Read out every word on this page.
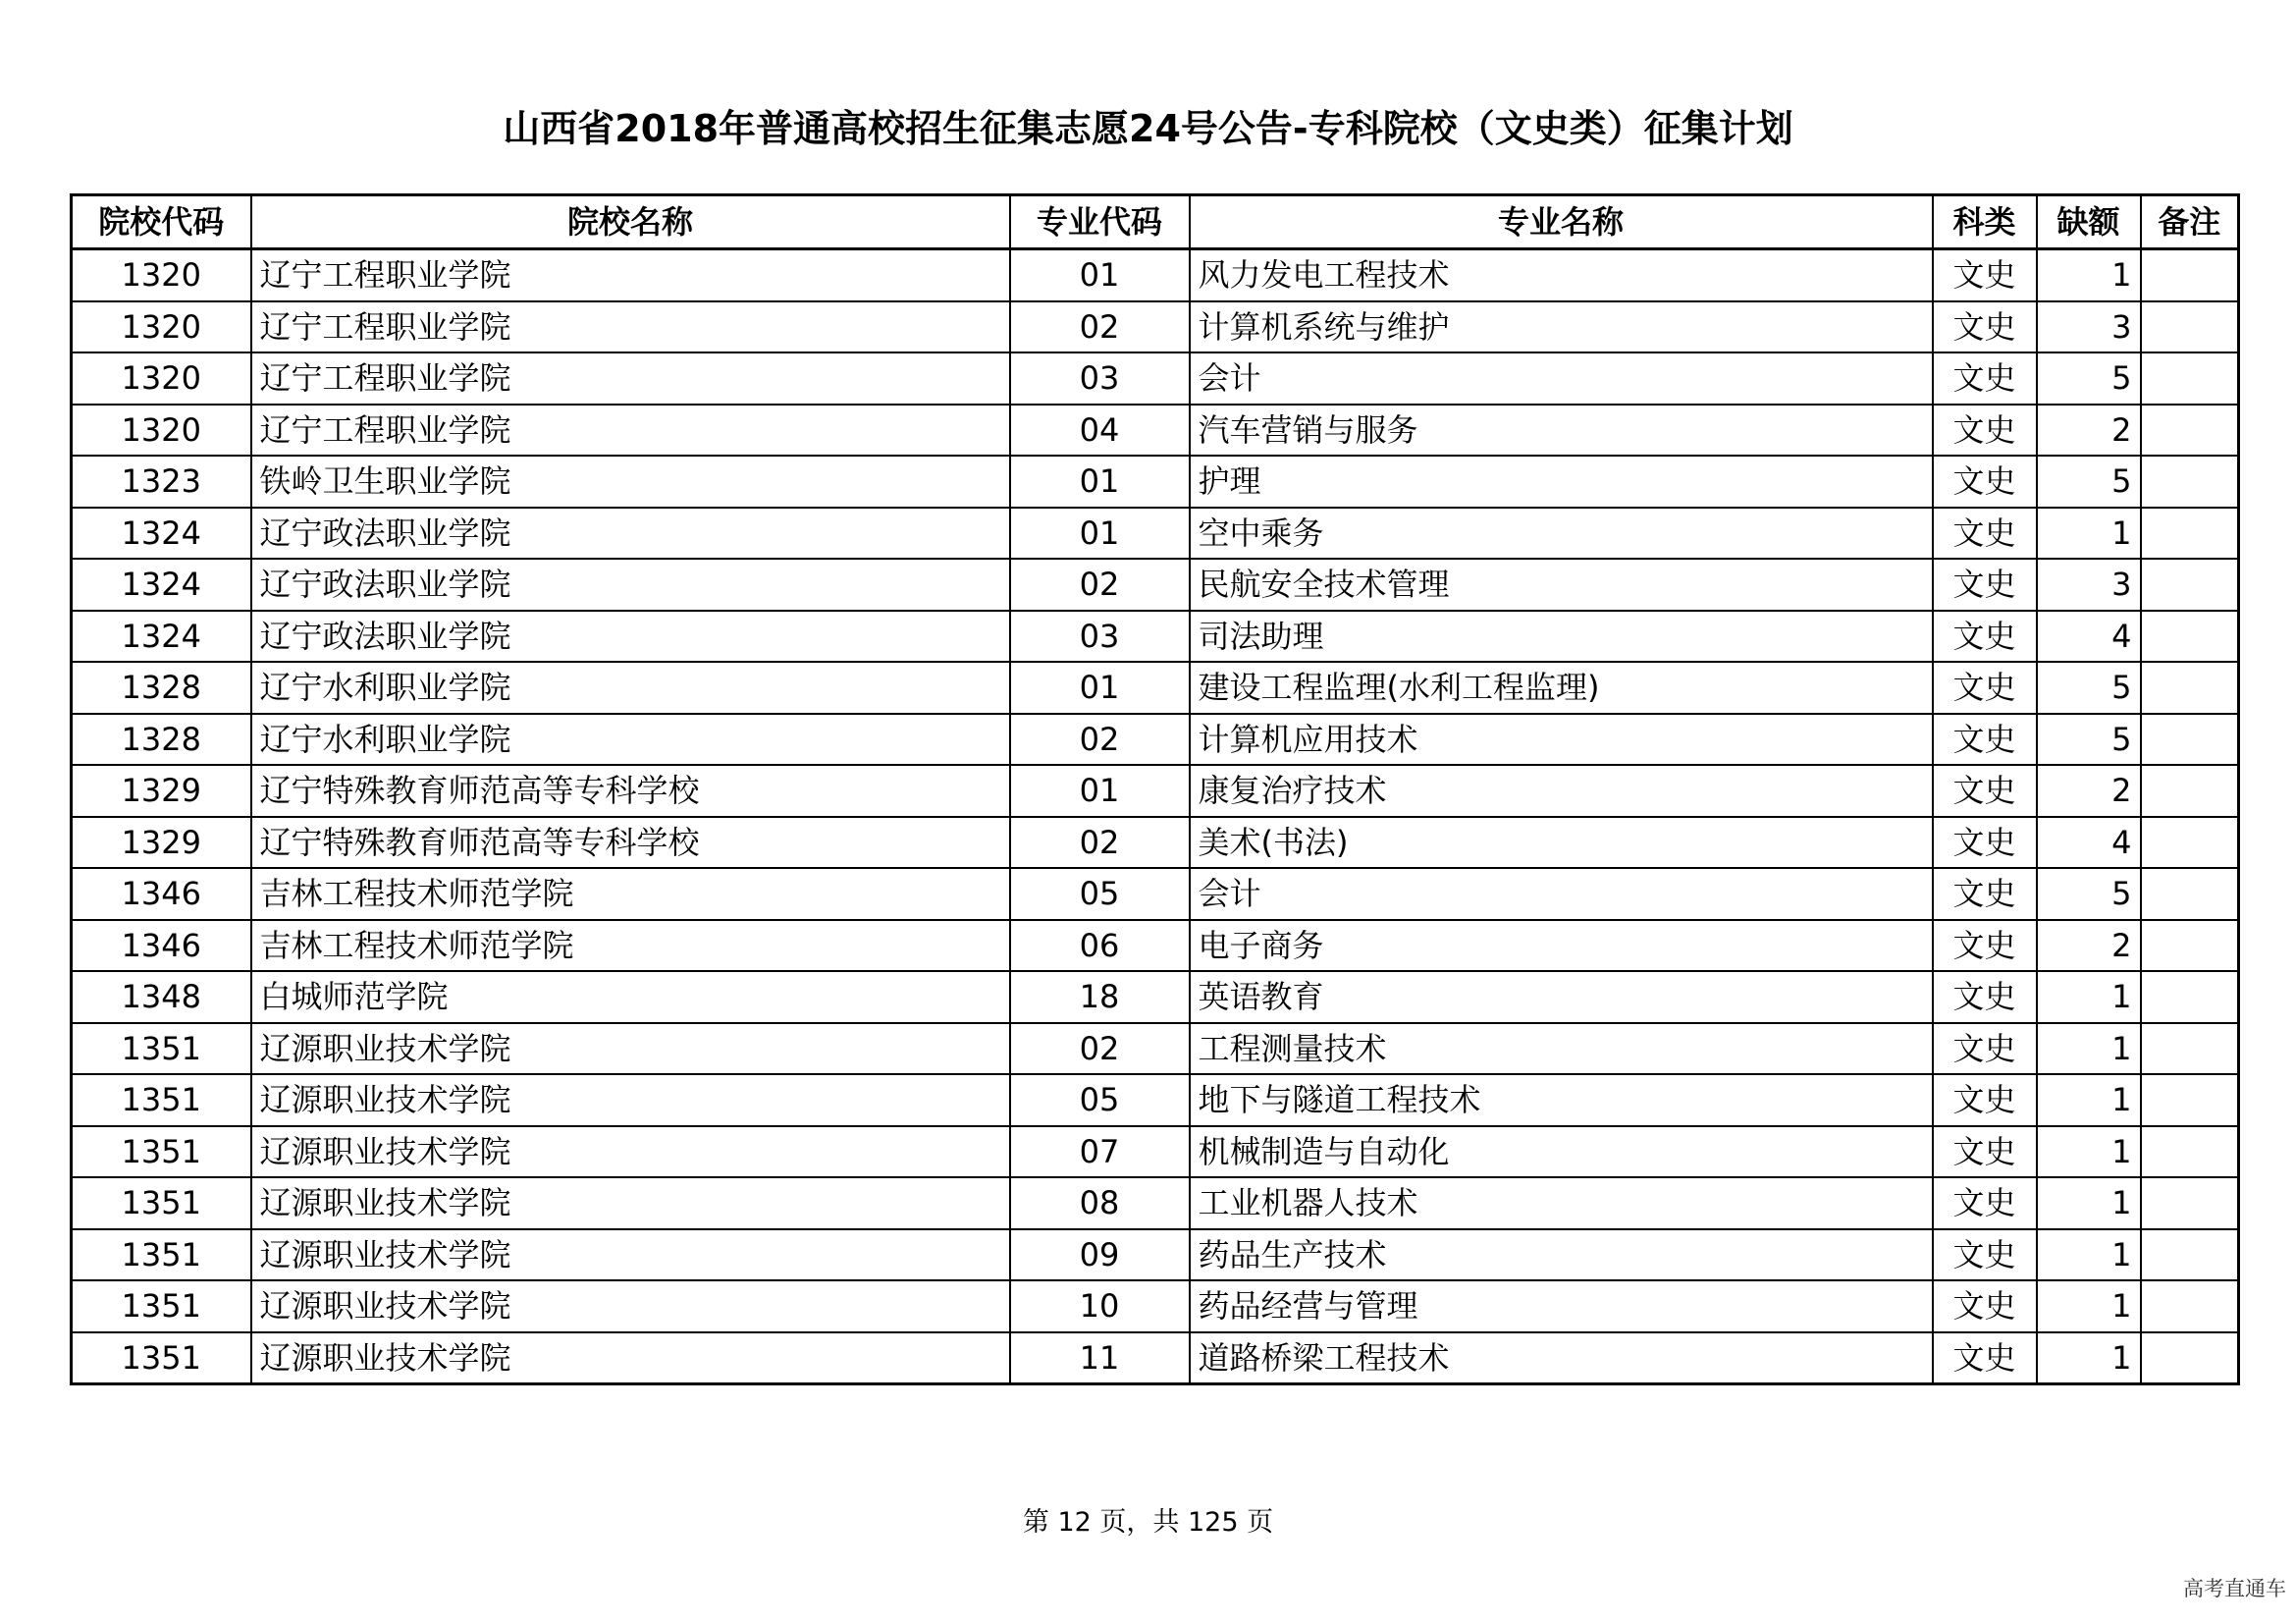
山西省2018年普通高校招生征集志愿24号公告-专科院校（文史类）征集计划
院校代码	院校名称	专业代码	专业名称	科类	缺额	备注
1320	辽宁工程职业学院	01	风力发电工程技术	文史	1	
1320	辽宁工程职业学院	02	计算机系统与维护	文史	3	
1320	辽宁工程职业学院	03	会计	文史	5	
1320	辽宁工程职业学院	04	汽车营销与服务	文史	2	
1323	铁岭卫生职业学院	01	护理	文史	5	
1324	辽宁政法职业学院	01	空中乘务	文史	1	
1324	辽宁政法职业学院	02	民航安全技术管理	文史	3	
1324	辽宁政法职业学院	03	司法助理	文史	4	
1328	辽宁水利职业学院	01	建设工程监理(水利工程监理)	文史	5	
1328	辽宁水利职业学院	02	计算机应用技术	文史	5	
1329	辽宁特殊教育师范高等专科学校	01	康复治疗技术	文史	2	
1329	辽宁特殊教育师范高等专科学校	02	美术(书法)	文史	4	
1346	吉林工程技术师范学院	05	会计	文史	5	
1346	吉林工程技术师范学院	06	电子商务	文史	2	
1348	白城师范学院	18	英语教育	文史	1	
1351	辽源职业技术学院	02	工程测量技术	文史	1	
1351	辽源职业技术学院	05	地下与隧道工程技术	文史	1	
1351	辽源职业技术学院	07	机械制造与自动化	文史	1	
1351	辽源职业技术学院	08	工业机器人技术	文史	1	
1351	辽源职业技术学院	09	药品生产技术	文史	1	
1351	辽源职业技术学院	10	药品经营与管理	文史	1	
1351	辽源职业技术学院	11	道路桥梁工程技术	文史	1	
第 12 页，共 125 页
高考直通车
